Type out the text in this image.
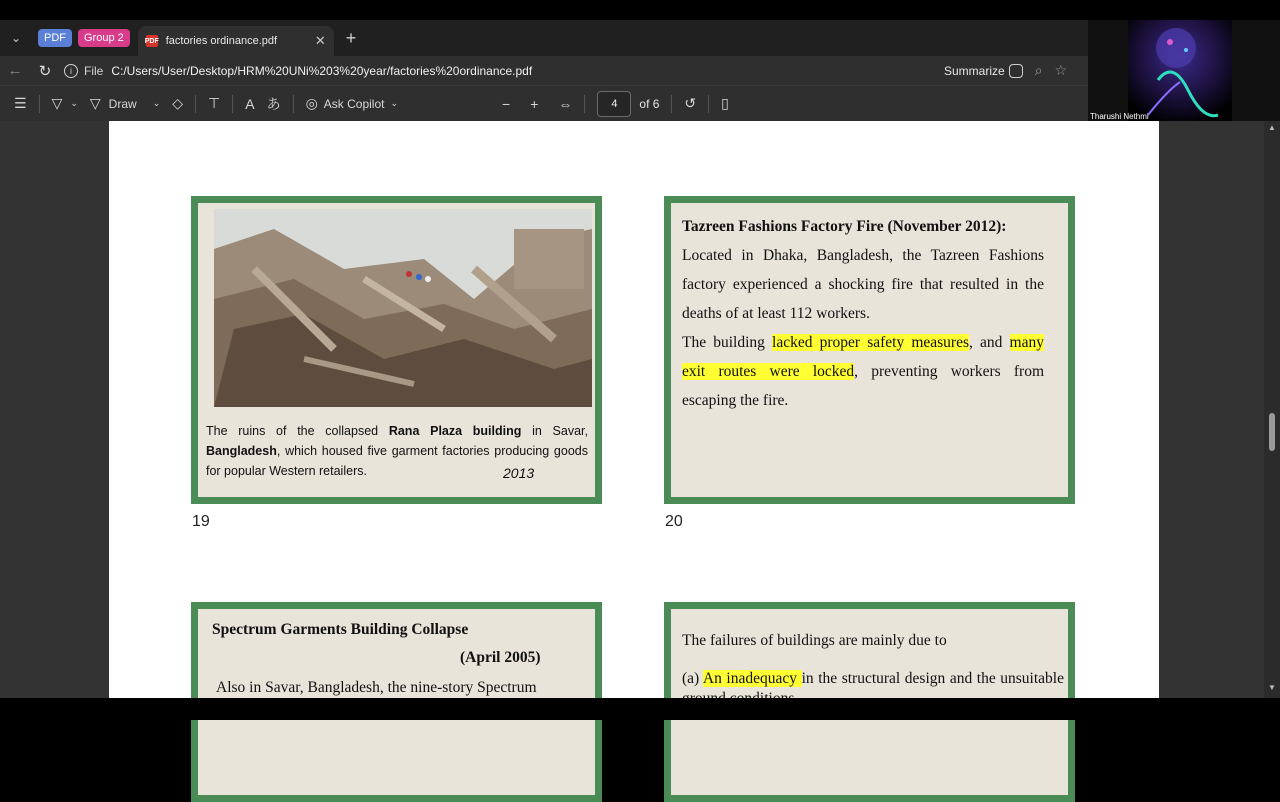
⌄	PDF	Group 2	PDF factories ordinance.pdf	✕ +
←	↻	i	File C:/Users/User/Desktop/HRM%20UNi%203%20year/factories%20ordinance.pdf	Summarize ⌕ ☆
☰ ▽ ⌄ ▽ Draw ⌄ ◇ ⊤ A あ ◎ Ask Copilot ⌄	− + ⇔	4	of 6 ↺ ▯
Tharushi Nethmi
The ruins of the collapsed Rana Plaza building in Savar, Bangladesh, which housed five garment factories producing goods for popular Western retailers.	2013
19
Tazreen Fashions Factory Fire (November 2012):
Located in Dhaka, Bangladesh, the Tazreen Fashions factory experienced a shocking fire that resulted in the deaths of at least 112 workers.
The building lacked proper safety measures, and many exit routes were locked, preventing workers from escaping the fire.
20
Spectrum Garments Building Collapse
(April 2005)
Also in Savar, Bangladesh, the nine-story Spectrum
The failures of buildings are mainly due to
(a) An inadequacy in the structural design and the unsuitable
▲
▼
